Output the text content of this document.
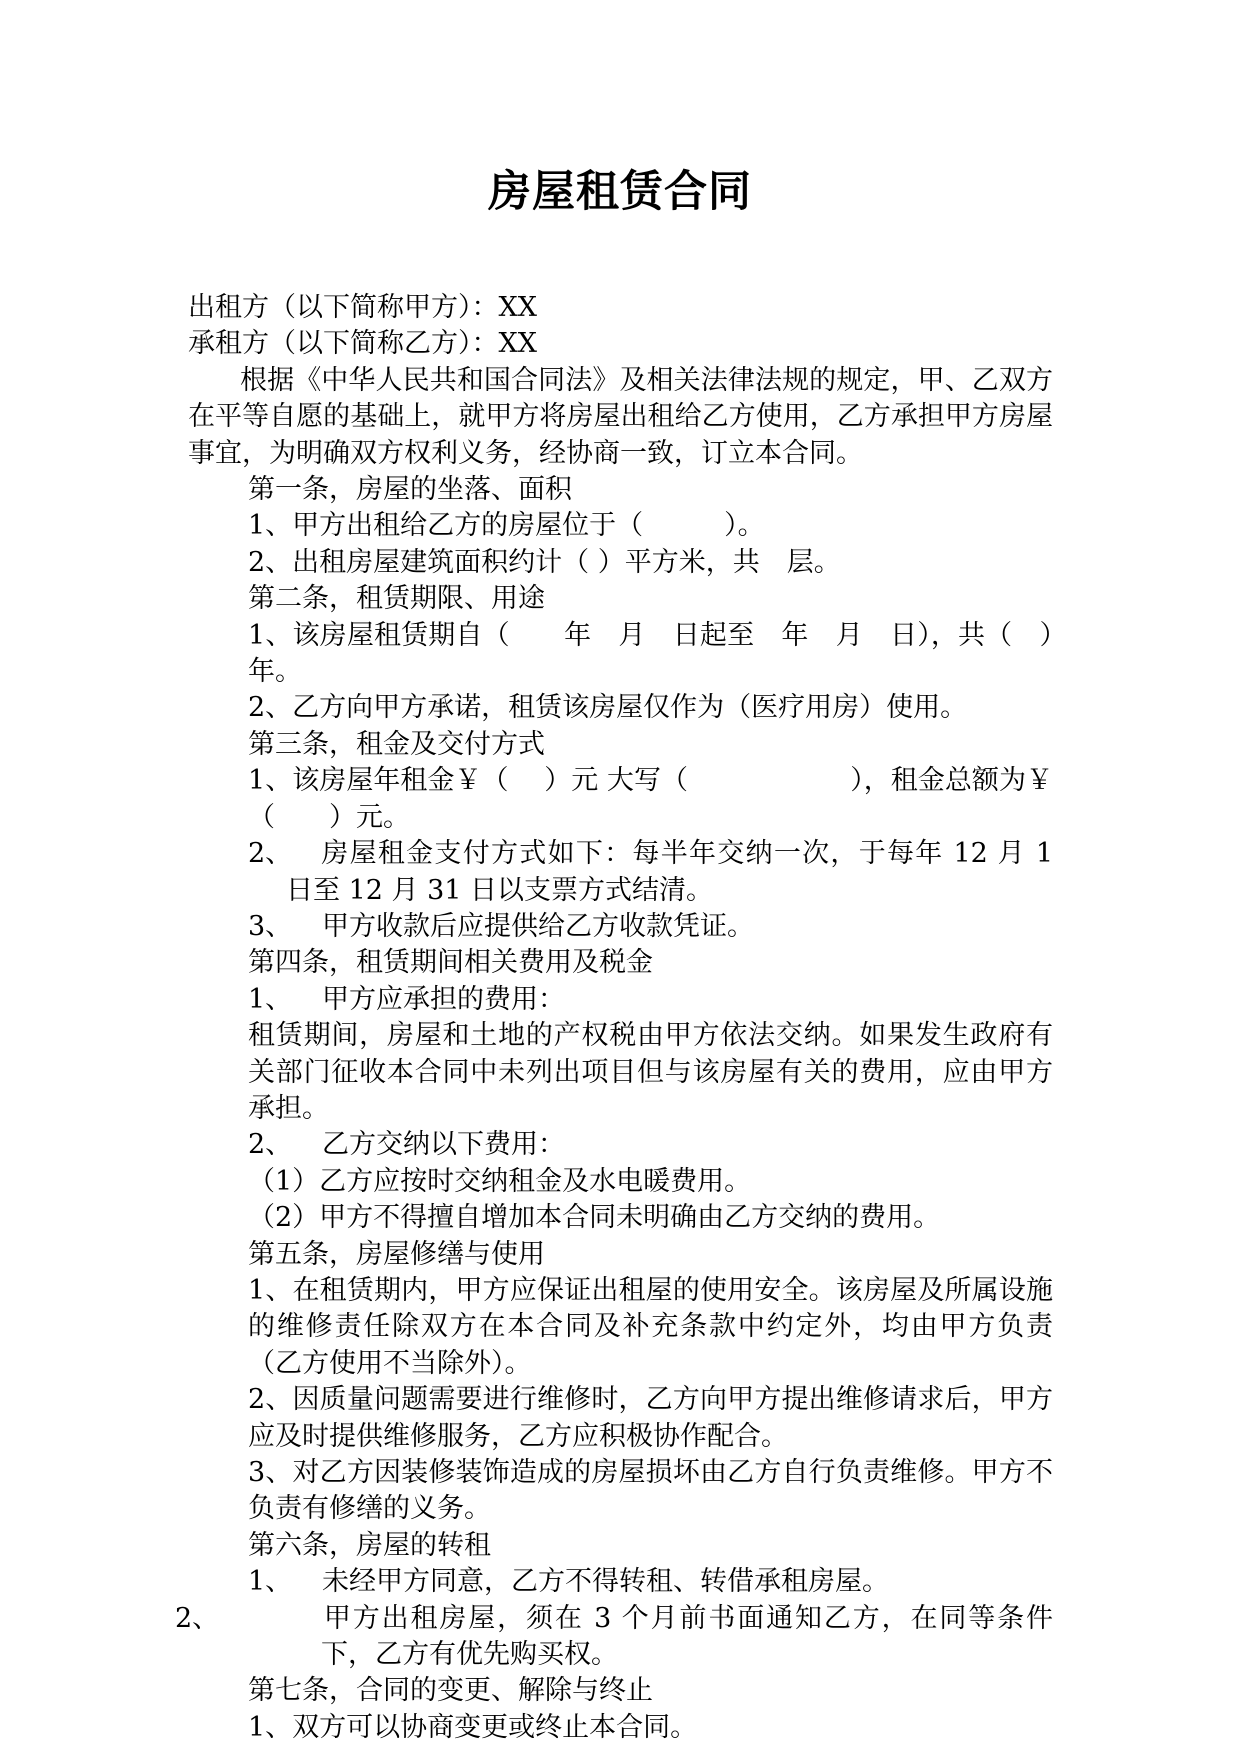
房屋租赁合同

出租方（以下简称甲方）：XX

承租方（以下简称乙方）：XX

根据《中华人民共和国合同法》及相关法律法规的规定，甲、乙双方在平等自愿的基础上，就甲方将房屋出租给乙方使用，乙方承担甲方房屋事宜，为明确双方权利义务，经协商一致，订立本合同。

第一条，房屋的坐落、面积

1、甲方出租给乙方的房屋位于（　　　）。

2、出租房屋建筑面积约计（ ）平方米，共　层。

第二条，租赁期限、用途

1、该房屋租赁期自（　　年　月　日起至　年　月　日），共（　）年。

2、乙方向甲方承诺，租赁该房屋仅作为（医疗用房）使用。

第三条，租金及交付方式

1、该房屋年租金￥（　 ）元 大写（　　　　　　），租金总额为￥（　　）元。

2、 房屋租金支付方式如下：每半年交纳一次，于每年 12 月 1 日至 12 月 31 日以支票方式结清。

3、 甲方收款后应提供给乙方收款凭证。

第四条，租赁期间相关费用及税金

1、 甲方应承担的费用：

租赁期间，房屋和土地的产权税由甲方依法交纳。如果发生政府有关部门征收本合同中未列出项目但与该房屋有关的费用，应由甲方承担。

2、 乙方交纳以下费用：

（1）乙方应按时交纳租金及水电暖费用。

（2）甲方不得擅自增加本合同未明确由乙方交纳的费用。

第五条，房屋修缮与使用

1、在租赁期内，甲方应保证出租屋的使用安全。该房屋及所属设施的维修责任除双方在本合同及补充条款中约定外，均由甲方负责（乙方使用不当除外）。

2、因质量问题需要进行维修时，乙方向甲方提出维修请求后，甲方应及时提供维修服务，乙方应积极协作配合。

3、对乙方因装修装饰造成的房屋损坏由乙方自行负责维修。甲方不负责有修缮的义务。

第六条，房屋的转租

1、 未经甲方同意，乙方不得转租、转借承租房屋。

2、	甲方出租房屋，须在 3 个月前书面通知乙方，在同等条件下，乙方有优先购买权。

第七条，合同的变更、解除与终止

1、双方可以协商变更或终止本合同。
